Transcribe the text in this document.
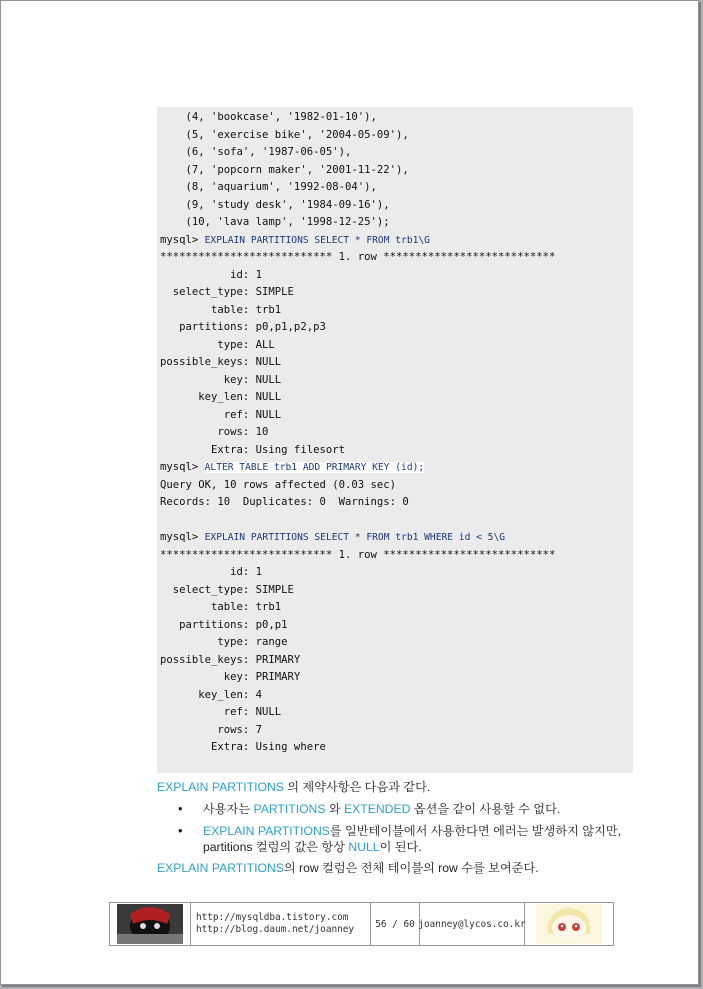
(4, 'bookcase', '1982-01-10'),
(5, 'exercise bike', '2004-05-09'),
(6, 'sofa', '1987-06-05'),
(7, 'popcorn maker', '2001-11-22'),
(8, 'aquarium', '1992-08-04'),
(9, 'study desk', '1984-09-16'),
(10, 'lava lamp', '1998-12-25');
mysql> EXPLAIN PARTITIONS SELECT * FROM trb1\G
*************************** 1. row ***************************
id: 1
select_type: SIMPLE
table: trb1
partitions: p0,p1,p2,p3
type: ALL
possible_keys: NULL
key: NULL
key_len: NULL
ref: NULL
rows: 10
Extra: Using filesort
mysql> ALTER TABLE trb1 ADD PRIMARY KEY (id);
Query OK, 10 rows affected (0.03 sec)
Records: 10  Duplicates: 0  Warnings: 0
mysql> EXPLAIN PARTITIONS SELECT * FROM trb1 WHERE id < 5\G
*************************** 1. row ***************************
id: 1
select_type: SIMPLE
table: trb1
partitions: p0,p1
type: range
possible_keys: PRIMARY
key: PRIMARY
key_len: 4
ref: NULL
rows: 7
Extra: Using where
EXPLAIN PARTITIONS 의 제약사항은 다음과 같다.
• 사용자는 PARTITIONS 와 EXTENDED 옵션을 같이 사용할 수 없다.
• EXPLAIN PARTITIONS를 일반테이블에서 사용한다면 에러는 발생하지 않지만,
partitions 컬럼의 값은 항상 NULL이 된다.
EXPLAIN PARTITIONS의 row 컬럼은 전체 테이블의 row 수를 보여준다.
http://mysqldba.tistory.com
http://blog.daum.net/joanney	56 / 60 joanney@lycos.co.kr
